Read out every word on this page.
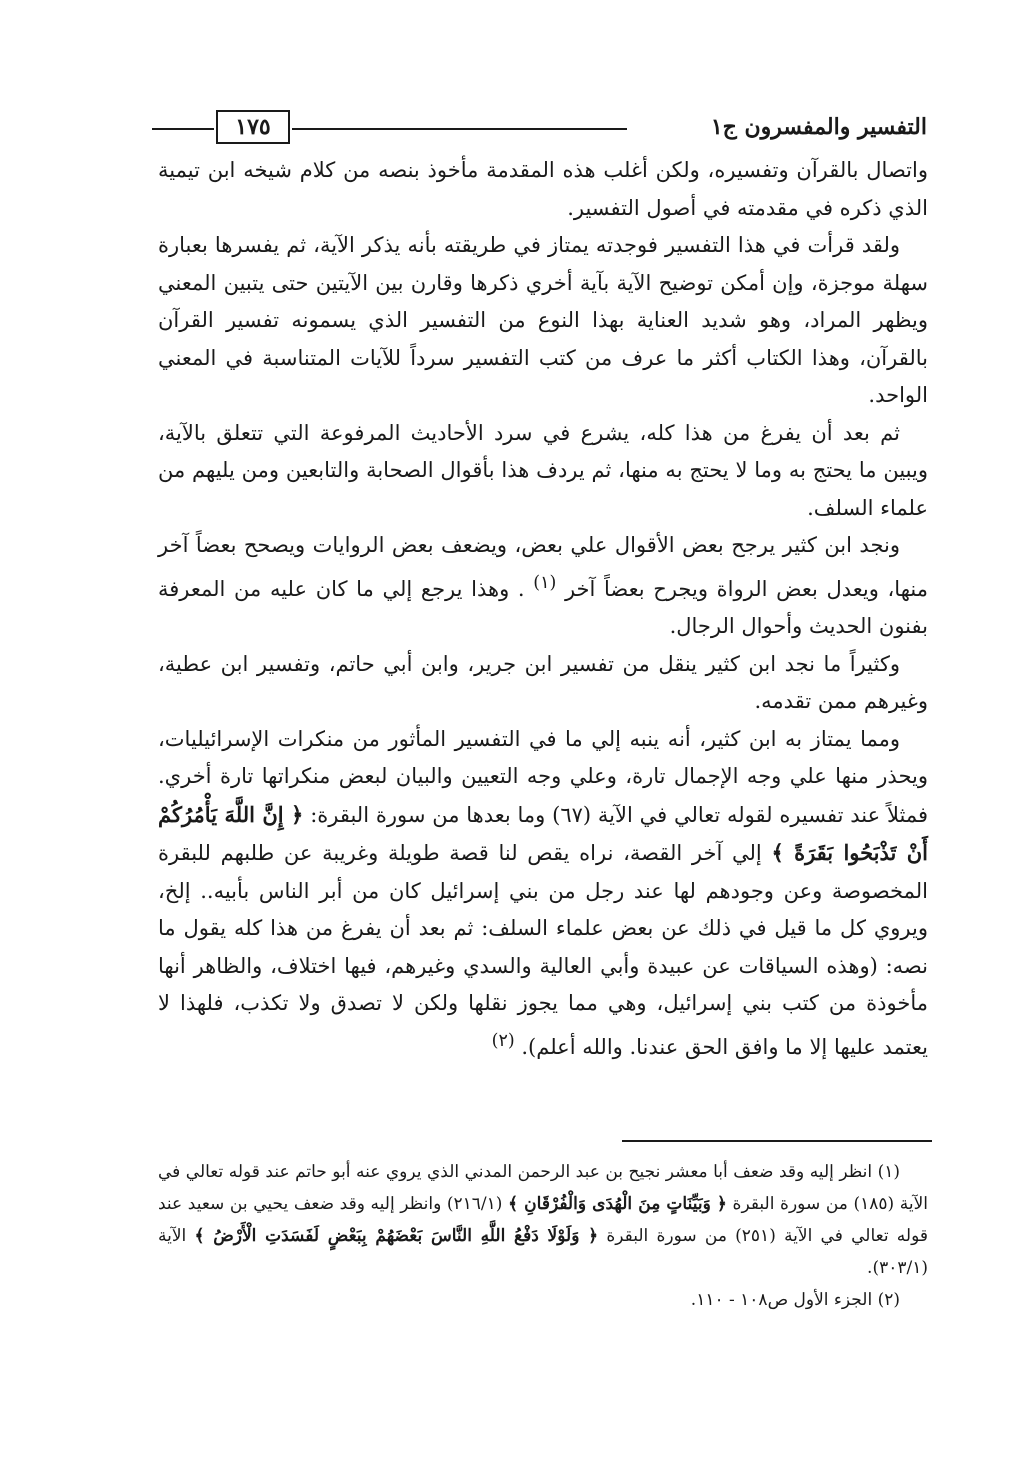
التفسير والمفسرون ج١
١٧٥

واتصال بالقرآن وتفسيره، ولكن أغلب هذه المقدمة مأخوذ بنصه من كلام شيخه ابن تيمية الذي ذكره في مقدمته في أصول التفسير.

ولقد قرأت في هذا التفسير فوجدته يمتاز في طريقته بأنه يذكر الآية، ثم يفسرها بعبارة سهلة موجزة، وإن أمكن توضيح الآية بآية أخري ذكرها وقارن بين الآيتين حتى يتبين المعني ويظهر المراد، وهو شديد العناية بهذا النوع من التفسير الذي يسمونه تفسير القرآن بالقرآن، وهذا الكتاب أكثر ما عرف من كتب التفسير سرداً للآيات المتناسبة في المعني الواحد.

ثم بعد أن يفرغ من هذا كله، يشرع في سرد الأحاديث المرفوعة التي تتعلق بالآية، ويبين ما يحتج به وما لا يحتج به منها، ثم يردف هذا بأقوال الصحابة والتابعين ومن يليهم من علماء السلف.

ونجد ابن كثير يرجح بعض الأقوال علي بعض، ويضعف بعض الروايات ويصحح بعضاً آخر منها، ويعدل بعض الرواة ويجرح بعضاً آخر $^{(١)}$ . وهذا يرجع إلي ما كان عليه من المعرفة بفنون الحديث وأحوال الرجال.

وكثيراً ما نجد ابن كثير ينقل من تفسير ابن جرير، وابن أبي حاتم، وتفسير ابن عطية، وغيرهم ممن تقدمه.

ومما يمتاز به ابن كثير، أنه ينبه إلي ما في التفسير المأثور من منكرات الإسرائيليات، ويحذر منها علي وجه الإجمال تارة، وعلي وجه التعيين والبيان لبعض منكراتها تارة أخري. فمثلاً عند تفسيره لقوله تعالي في الآية (٦٧) وما بعدها من سورة البقرة: ﴿ إِنَّ اللَّهَ يَأْمُرُكُمْ أَنْ تَذْبَحُوا بَقَرَةً ﴾ إلي آخر القصة، نراه يقص لنا قصة طويلة وغريبة عن طلبهم للبقرة المخصوصة وعن وجودهم لها عند رجل من بني إسرائيل كان من أبر الناس بأبيه.. إلخ، ويروي كل ما قيل في ذلك عن بعض علماء السلف: ثم بعد أن يفرغ من هذا كله يقول ما نصه: (وهذه السياقات عن عبيدة وأبي العالية والسدي وغيرهم، فيها اختلاف، والظاهر أنها مأخوذة من كتب بني إسرائيل، وهي مما يجوز نقلها ولكن لا تصدق ولا تكذب، فلهذا لا يعتمد عليها إلا ما وافق الحق عندنا. والله أعلم). $^{(٢)}$

(١) انظر إليه وقد ضعف أبا معشر نجيح بن عبد الرحمن المدني الذي يروي عنه أبو حاتم عند قوله تعالي في الآية (١٨٥) من سورة البقرة ﴿ وَبَيِّنَاتٍ مِنَ الْهُدَى وَالْفُرْقَانِ ﴾ (٢١٦/١) وانظر إليه وقد ضعف يحيي بن سعيد عند قوله تعالي في الآية (٢٥١) من سورة البقرة ﴿ وَلَوْلَا دَفْعُ اللَّهِ النَّاسَ بَعْضَهُمْ بِبَعْضٍ لَفَسَدَتِ الْأَرْضُ ﴾ الآية (٣٠٣/١).

(٢) الجزء الأول ص١٠٨ - ١١٠.
